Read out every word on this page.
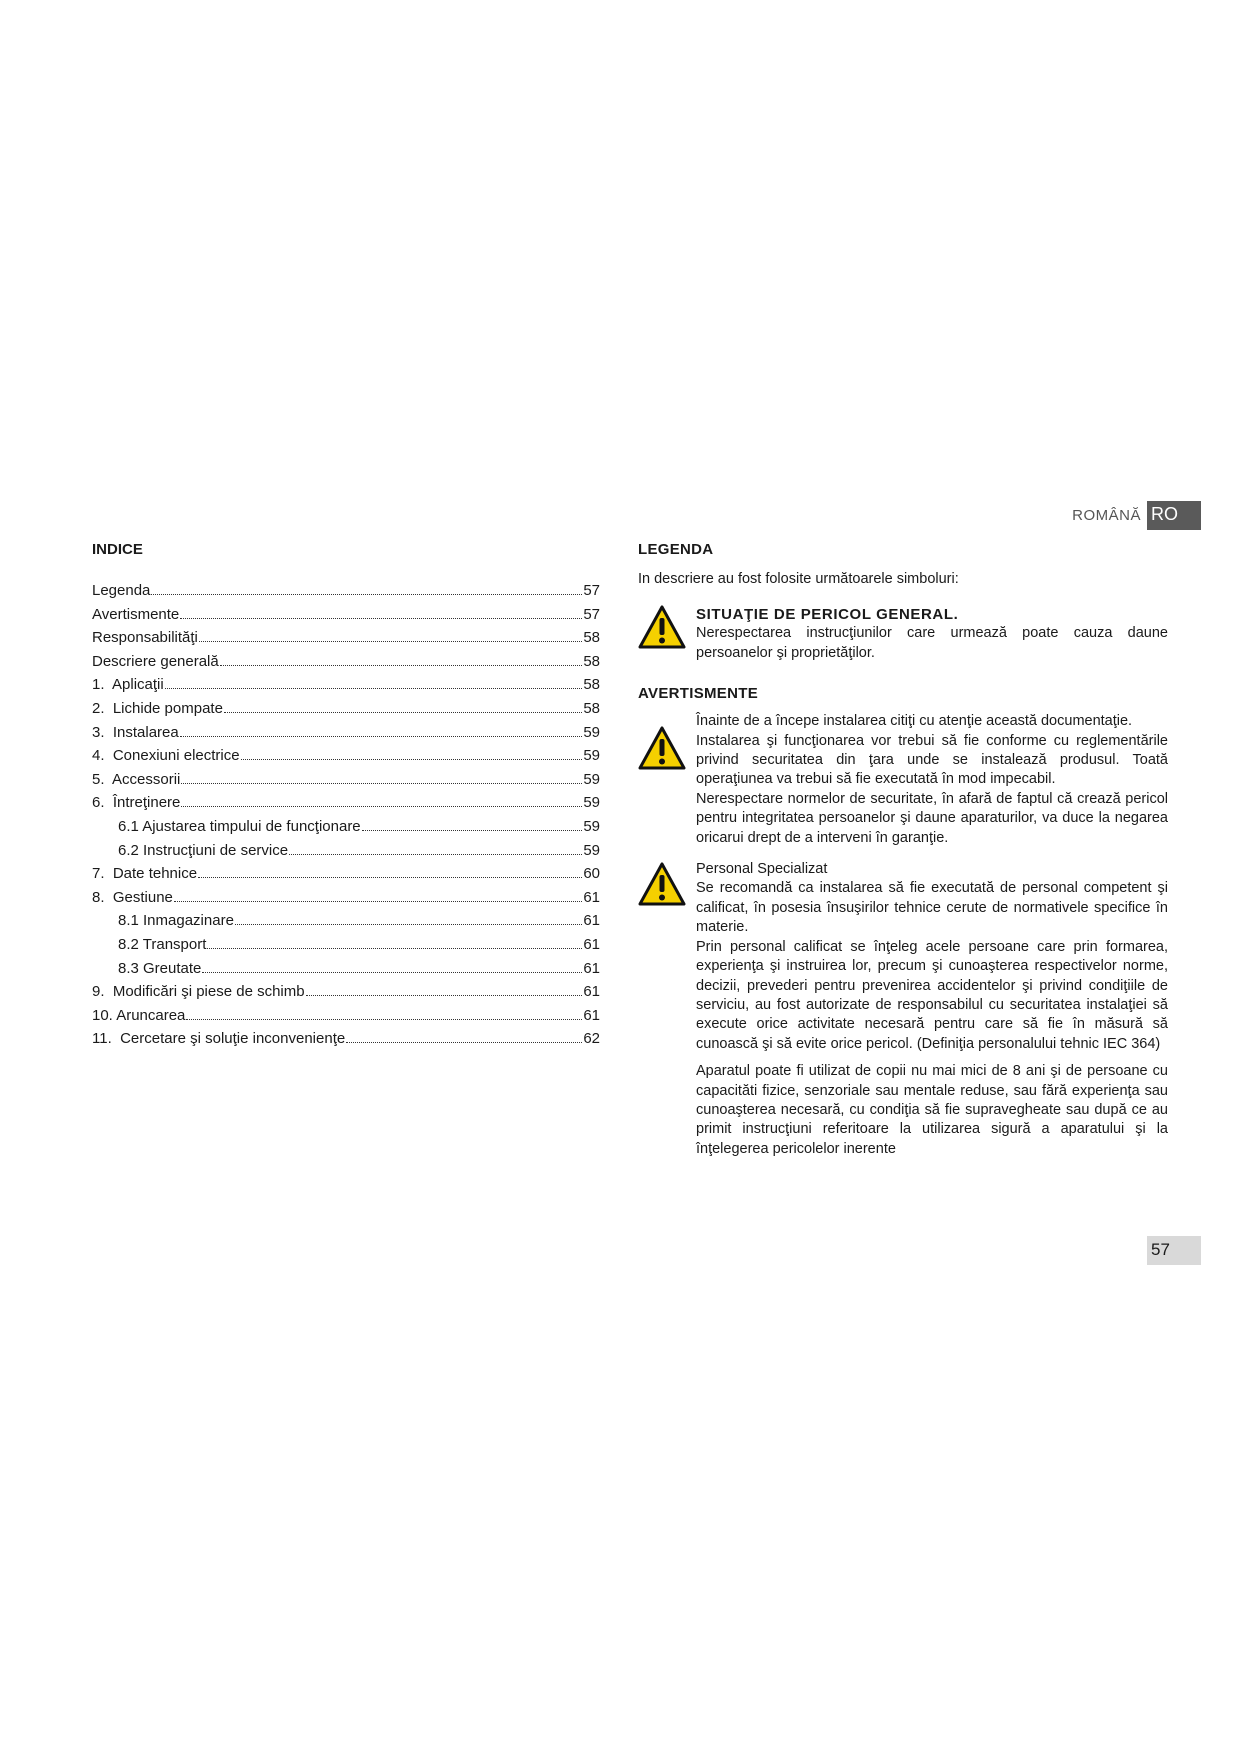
ROMÂNĂ RO
INDICE
Legenda	57
Avertismente	57
Responsabilităţi	58
Descriere generală	58
1.  Aplicaţii	58
2.  Lichide pompate	58
3.  Instalarea	59
4.  Conexiuni electrice	59
5.  Accessorii	59
6.  Întreţinere	59
6.1 Ajustarea timpului de funcţionare	59
6.2 Instrucţiuni de service	59
7.  Date tehnice	60
8.  Gestiune	61
8.1 Inmagazinare	61
8.2 Transport	61
8.3 Greutate	61
9.  Modificări şi piese de schimb	61
10. Aruncarea	61
11.  Cercetare şi soluţie inconvenienţe	62
LEGENDA

In descriere au fost folosite următoarele simboluri:

SITUAŢIE DE PERICOL GENERAL.

Nerespectarea instrucţiunilor care urmează poate cauza daune persoanelor şi proprietăţilor.

AVERTISMENTE

Înainte de a începe instalarea citiţi cu atenţie această documentaţie.

Instalarea şi funcţionarea vor trebui să fie conforme cu reglementările privind securitatea din ţara unde se instalează produsul. Toată operaţiunea va trebui să fie executată în mod impecabil.

Nerespectare normelor de securitate, în afară de faptul că crează pericol pentru integritatea persoanelor şi daune aparaturilor, va duce la negarea oricarui drept de a interveni în garanţie.

Personal Specializat

Se recomandă ca instalarea să fie executată de personal competent şi calificat, în posesia însuşirilor tehnice cerute de normativele specifice în materie.

Prin personal calificat se înţeleg acele persoane care prin formarea, experienţa şi instruirea lor, precum şi cunoaşterea respectivelor norme, decizii, prevederi pentru prevenirea accidentelor şi privind condiţiile de serviciu, au fost autorizate de responsabilul cu securitatea instalaţiei să execute orice activitate necesară pentru care să fie în măsură să cunoască şi să evite orice pericol. (Definiţia personalului tehnic IEC 364)

Aparatul poate fi utilizat de copii nu mai mici de 8 ani şi de persoane cu capacităti fizice, senzoriale sau mentale reduse, sau fără experienţa sau cunoaşterea necesară, cu condiţia să fie supravegheate sau după ce au primit instrucţiuni referitoare la utilizarea sigură a aparatului şi la înţelegerea pericolelor inerente

57
